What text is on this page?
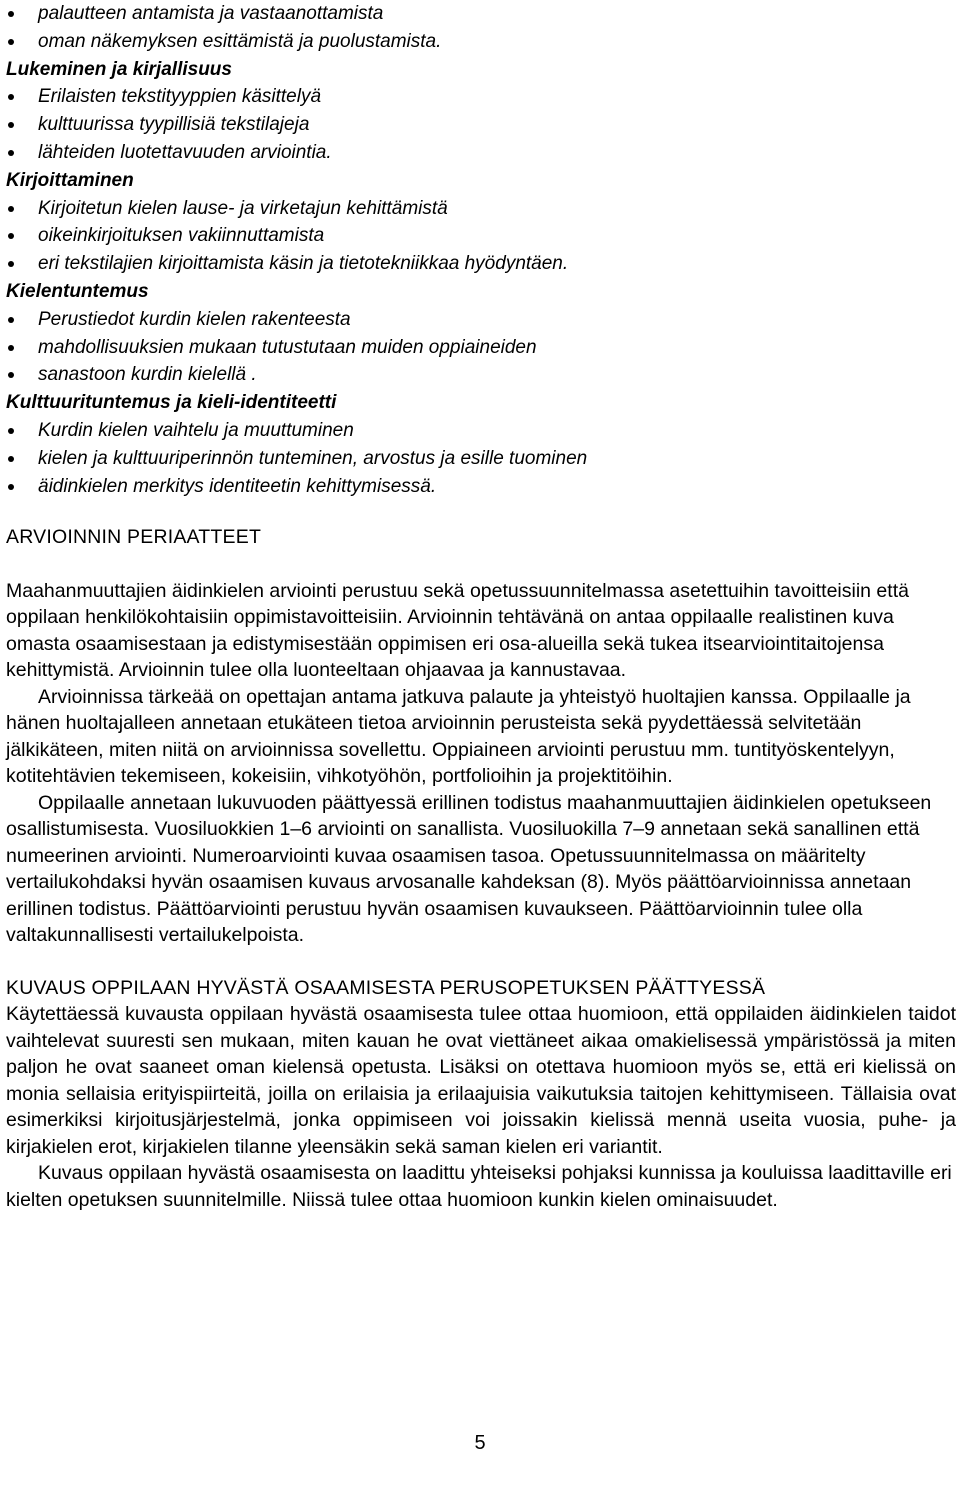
palautteen antamista ja vastaanottamista
oman näkemyksen esittämistä ja puolustamista.
Lukeminen ja kirjallisuus
Erilaisten tekstityyppien käsittelyä
kulttuurissa tyypillisiä tekstilajeja
lähteiden luotettavuuden arviointia.
Kirjoittaminen
Kirjoitetun kielen lause- ja virketajun kehittämistä
oikeinkirjoituksen vakiinnuttamista
eri tekstilajien kirjoittamista käsin ja tietotekniikkaa hyödyntäen.
Kielentuntemus
Perustiedot kurdin kielen rakenteesta
mahdollisuuksien mukaan tutustutaan muiden oppiaineiden
sanastoon kurdin kielellä .
Kulttuurituntemus ja kieli-identiteetti
Kurdin kielen vaihtelu ja muuttuminen
kielen ja kulttuuriperinnön tunteminen, arvostus ja esille tuominen
äidinkielen merkitys identiteetin kehittymisessä.
ARVIOINNIN PERIAATTEET

Maahanmuuttajien äidinkielen arviointi perustuu sekä opetussuunnitelmassa asetettuihin tavoitteisiin että oppilaan henkilökohtaisiin oppimistavoitteisiin. Arvioinnin tehtävänä on antaa oppilaalle realistinen kuva omasta osaamisestaan ja edistymisestään oppimisen eri osa-alueilla sekä tukea itsearviointitaitojensa kehittymistä. Arvioinnin tulee olla luonteeltaan ohjaavaa ja kannustavaa.

Arvioinnissa tärkeää on opettajan antama jatkuva palaute ja yhteistyö huoltajien kanssa. Oppilaalle ja hänen huoltajalleen annetaan etukäteen tietoa arvioinnin perusteista sekä pyydettäessä selvitetään jälkikäteen, miten niitä on arvioinnissa sovellettu. Oppiaineen arviointi perustuu mm. tuntityöskentelyyn, kotitehtävien tekemiseen, kokeisiin, vihkotyöhön, portfolioihin ja projektitöihin.

Oppilaalle annetaan lukuvuoden päättyessä erillinen todistus maahanmuuttajien äidinkielen opetukseen osallistumisesta. Vuosiluokkien 1–6 arviointi on sanallista. Vuosiluokilla 7–9 annetaan sekä sanallinen että numeerinen arviointi. Numeroarviointi kuvaa osaamisen tasoa. Opetussuunnitelmassa on määritelty vertailukohdaksi hyvän osaamisen kuvaus arvosanalle kahdeksan (8). Myös päättöarvioinnissa annetaan erillinen todistus. Päättöarviointi perustuu hyvän osaamisen kuvaukseen. Päättöarvioinnin tulee olla valtakunnallisesti vertailukelpoista.

KUVAUS OPPILAAN HYVÄSTÄ OSAAMISESTA PERUSOPETUKSEN PÄÄTTYESSÄ

Käytettäessä kuvausta oppilaan hyvästä osaamisesta tulee ottaa huomioon, että oppilaiden äidinkielen taidot vaihtelevat suuresti sen mukaan, miten kauan he ovat viettäneet aikaa omakielisessä ympäristössä ja miten paljon he ovat saaneet oman kielensä opetusta. Lisäksi on otettava huomioon myös se, että eri kielissä on monia sellaisia erityispiirteitä, joilla on erilaisia ja erilaajuisia vaikutuksia taitojen kehittymiseen. Tällaisia ovat esimerkiksi kirjoitusjärjestelmä, jonka oppimiseen voi joissakin kielissä mennä useita vuosia, puhe- ja kirjakielen erot, kirjakielen tilanne yleensäkin sekä saman kielen eri variantit.

Kuvaus oppilaan hyvästä osaamisesta on laadittu yhteiseksi pohjaksi kunnissa ja kouluissa laadittaville eri kielten opetuksen suunnitelmille. Niissä tulee ottaa huomioon kunkin kielen ominaisuudet.

5
